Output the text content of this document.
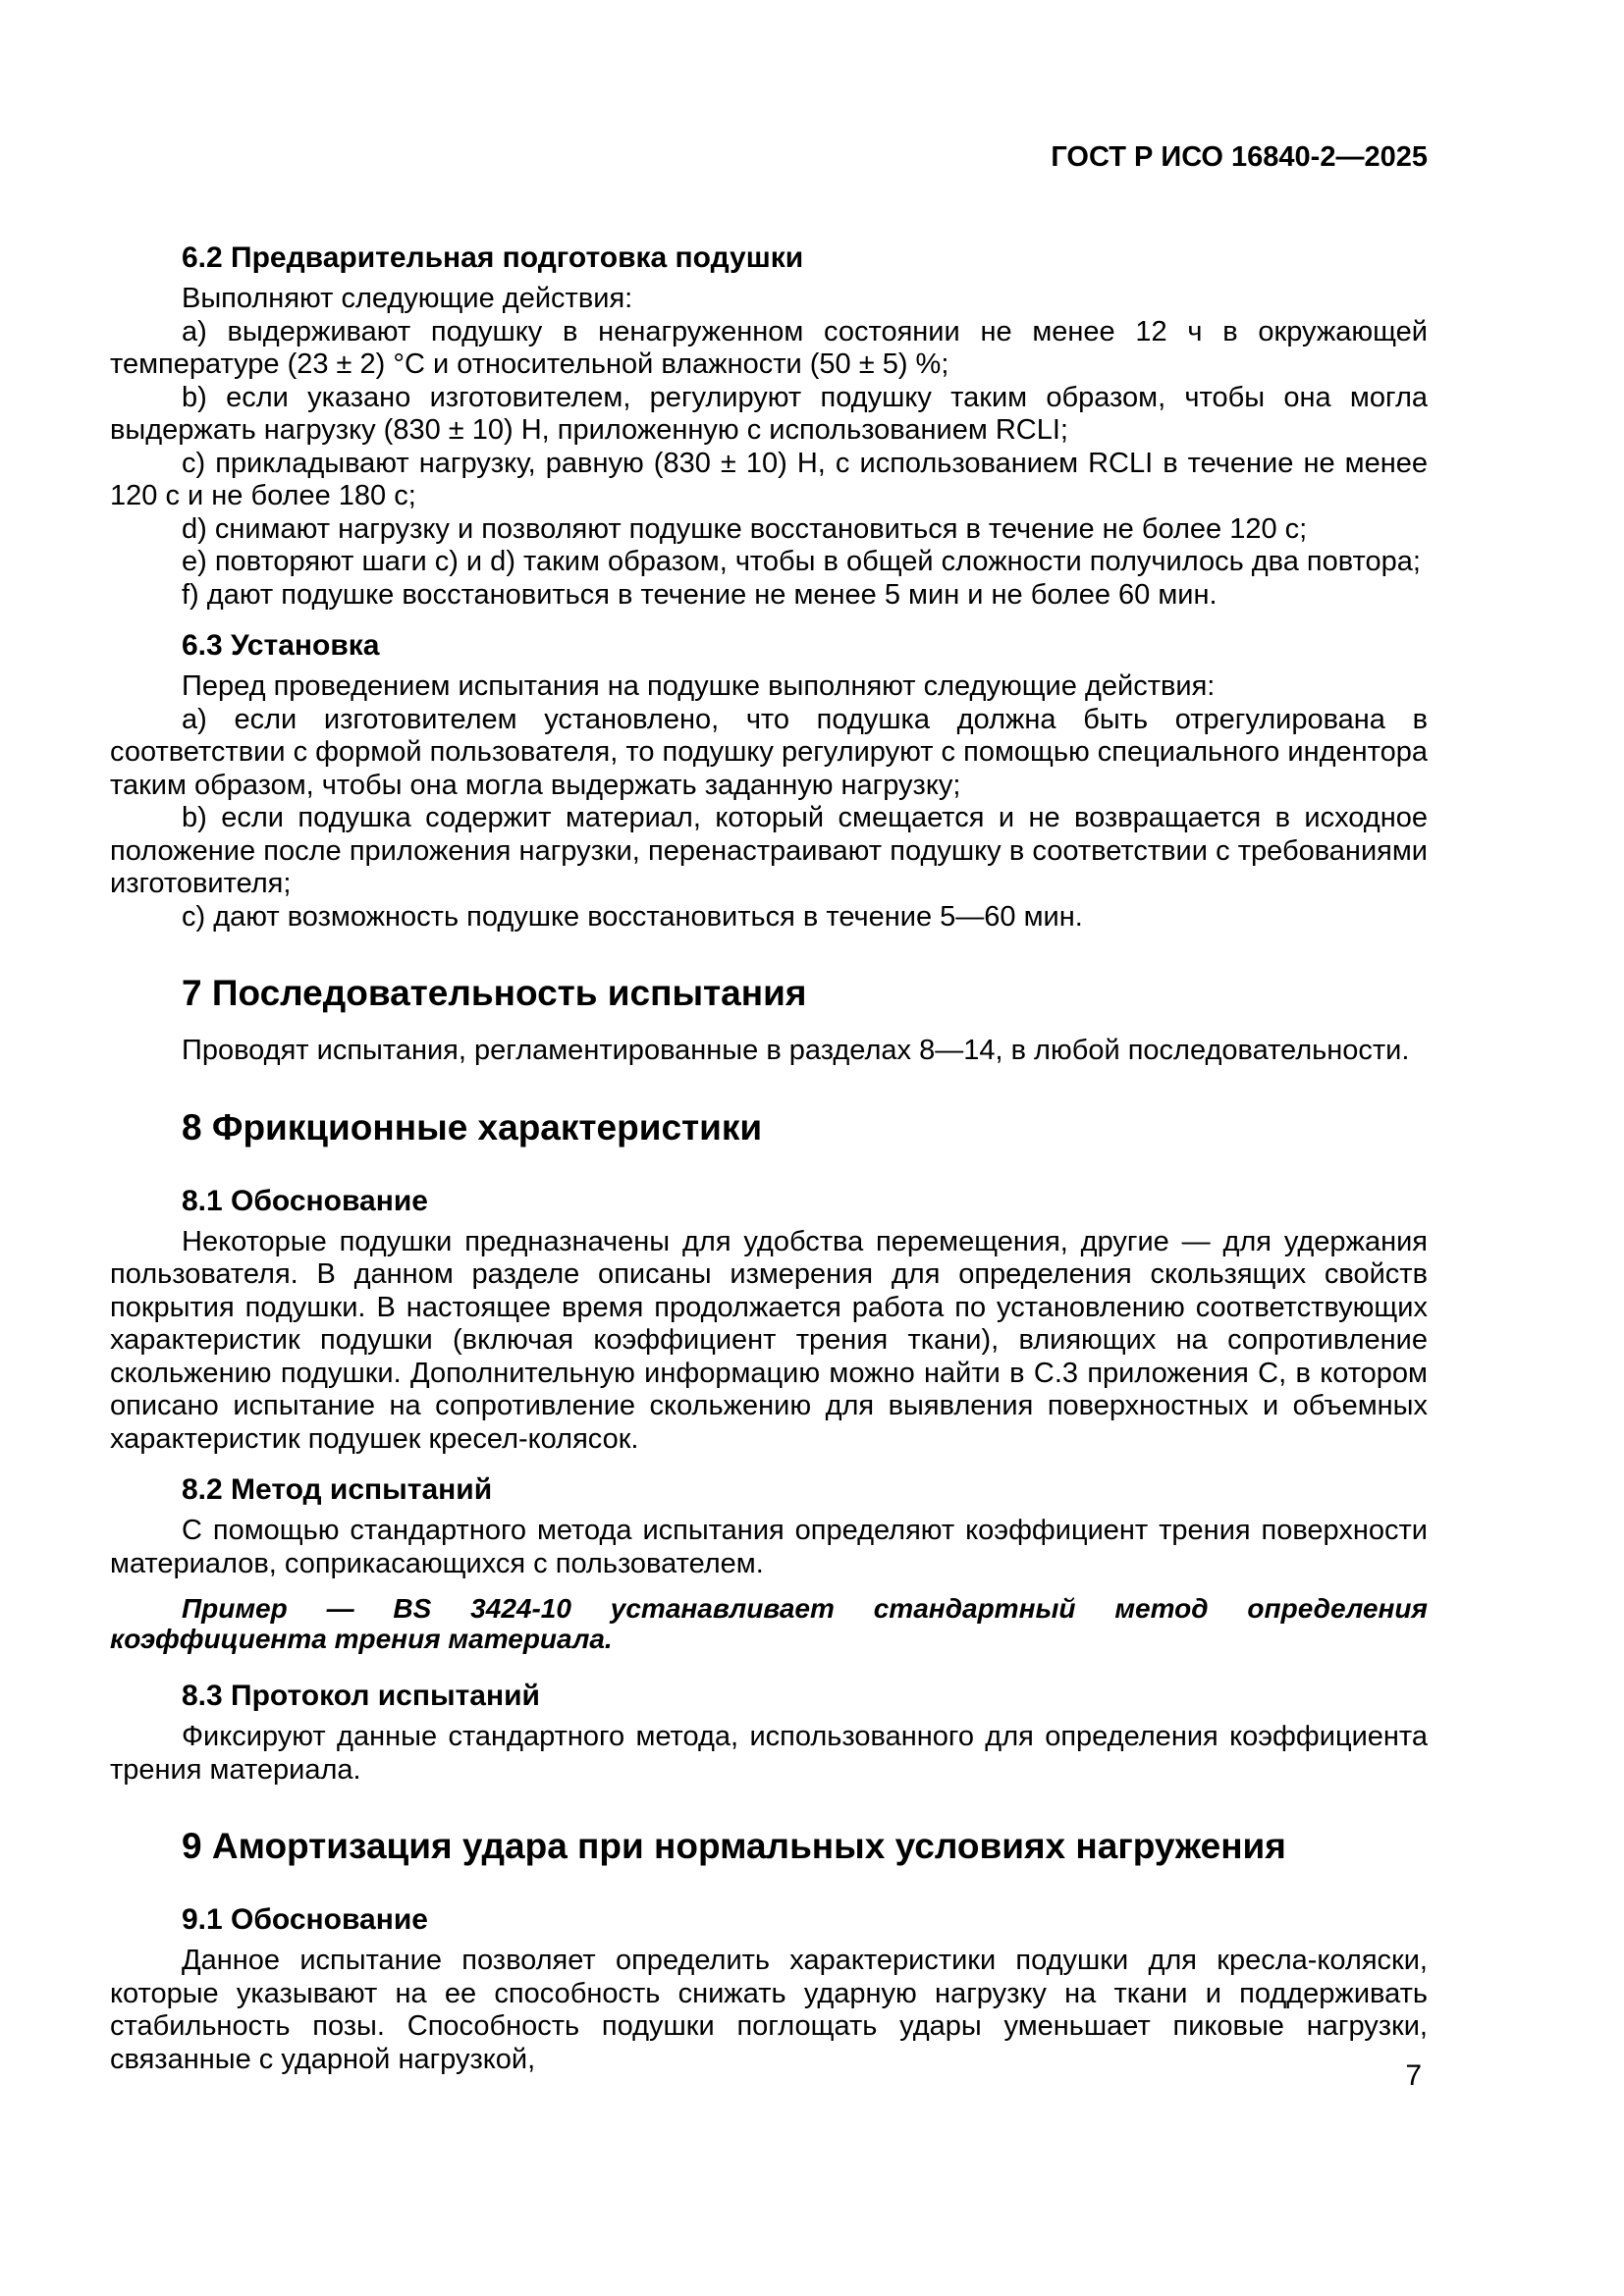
ГОСТ Р ИСО 16840-2—2025
6.2 Предварительная подготовка подушки

Выполняют следующие действия:

a) выдерживают подушку в ненагруженном состоянии не менее 12 ч в окружающей температуре (23 ± 2) °С и относительной влажности (50 ± 5) %;

b) если указано изготовителем, регулируют подушку таким образом, чтобы она могла выдержать нагрузку (830 ± 10) Н, приложенную с использованием RCLI;

c) прикладывают нагрузку, равную (830 ± 10) Н, с использованием RCLI в течение не менее 120 с и не более 180 с;

d) снимают нагрузку и позволяют подушке восстановиться в течение не более 120 с;

e) повторяют шаги c) и d) таким образом, чтобы в общей сложности получилось два повтора;

f) дают подушке восстановиться в течение не менее 5 мин и не более 60 мин.

6.3 Установка

Перед проведением испытания на подушке выполняют следующие действия:

a) если изготовителем установлено, что подушка должна быть отрегулирована в соответствии с формой пользователя, то подушку регулируют с помощью специального индентора таким образом, чтобы она могла выдержать заданную нагрузку;

b) если подушка содержит материал, который смещается и не возвращается в исходное положение после приложения нагрузки, перенастраивают подушку в соответствии с требованиями изготовителя;

c) дают возможность подушке восстановиться в течение 5—60 мин.

7 Последовательность испытания

Проводят испытания, регламентированные в разделах 8—14, в любой последовательности.

8 Фрикционные характеристики
8.1 Обоснование

Некоторые подушки предназначены для удобства перемещения, другие — для удержания пользователя. В данном разделе описаны измерения для определения скользящих свойств покрытия подушки. В настоящее время продолжается работа по установлению соответствующих характеристик подушки (включая коэффициент трения ткани), влияющих на сопротивление скольжению подушки. Дополнительную информацию можно найти в С.3 приложения С, в котором описано испытание на сопротивление скольжению для выявления поверхностных и объемных характеристик подушек кресел-колясок.

8.2 Метод испытаний

С помощью стандартного метода испытания определяют коэффициент трения поверхности материалов, соприкасающихся с пользователем.

Пример — BS 3424-10 устанавливает стандартный метод определения коэффициента трения материала.

8.3 Протокол испытаний

Фиксируют данные стандартного метода, использованного для определения коэффициента трения материала.

9 Амортизация удара при нормальных условиях нагружения
9.1 Обоснование

Данное испытание позволяет определить характеристики подушки для кресла-коляски, которые указывают на ее способность снижать ударную нагрузку на ткани и поддерживать стабильность позы. Способность подушки поглощать удары уменьшает пиковые нагрузки, связанные с ударной нагрузкой,

7
